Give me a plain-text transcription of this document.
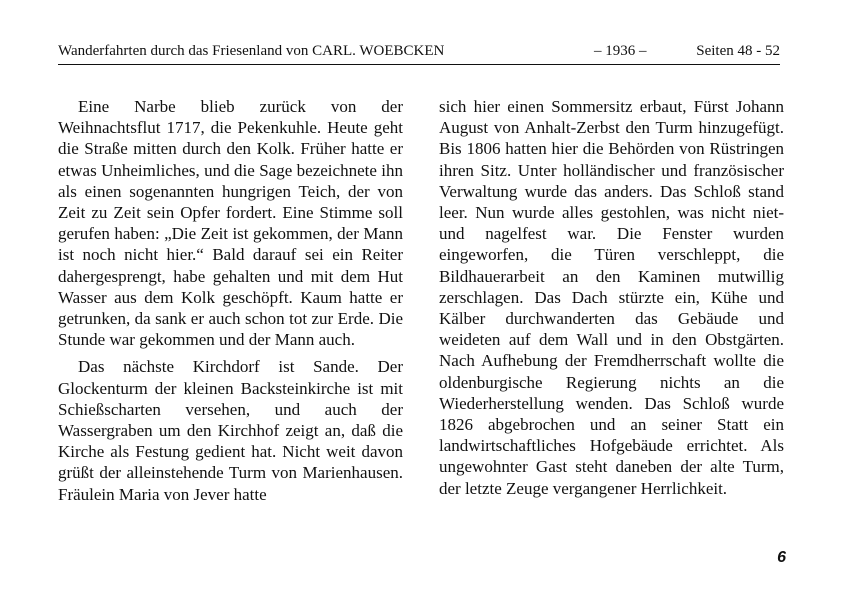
Wanderfahrten durch das Friesenland von CARL. WOEBCKEN	– 1936 –	Seiten 48 - 52

Eine Narbe blieb zurück von der Weihnachtsflut 1717, die Pekenkuhle. Heute geht die Straße mitten durch den Kolk. Früher hatte er etwas Unheimliches, und die Sage bezeichnete ihn als einen sogenannten hungrigen Teich, der von Zeit zu Zeit sein Opfer fordert. Eine Stimme soll gerufen haben: „Die Zeit ist gekommen, der Mann ist noch nicht hier.“ Bald darauf sei ein Reiter dahergesprengt, habe gehalten und mit dem Hut Wasser aus dem Kolk geschöpft. Kaum hatte er getrunken, da sank er auch schon tot zur Erde. Die Stunde war gekommen und der Mann auch.

Das nächste Kirchdorf ist Sande. Der Glockenturm der kleinen Backsteinkirche ist mit Schießscharten versehen, und auch der Wassergraben um den Kirchhof zeigt an, daß die Kirche als Festung gedient hat. Nicht weit davon grüßt der alleinstehende Turm von Marienhausen. Fräulein Maria von Jever hatte

sich hier einen Sommersitz erbaut, Fürst Johann August von Anhalt-Zerbst den Turm hinzugefügt. Bis 1806 hatten hier die Behörden von Rüstringen ihren Sitz. Unter holländischer und französischer Verwaltung wurde das anders. Das Schloß stand leer. Nun wurde alles gestohlen, was nicht niet- und nagelfest war. Die Fenster wurden eingeworfen, die Türen verschleppt, die Bildhauerarbeit an den Kaminen mutwillig zerschlagen. Das Dach stürzte ein, Kühe und Kälber durchwanderten das Gebäude und weideten auf dem Wall und in den Obstgärten. Nach Aufhebung der Fremdherrschaft wollte die oldenburgische Regierung nichts an die Wiederherstellung wenden. Das Schloß wurde 1826 abgebrochen und an seiner Statt ein landwirtschaftliches Hofgebäude errichtet. Als ungewohnter Gast steht daneben der alte Turm, der letzte Zeuge vergangener Herrlichkeit.

6
